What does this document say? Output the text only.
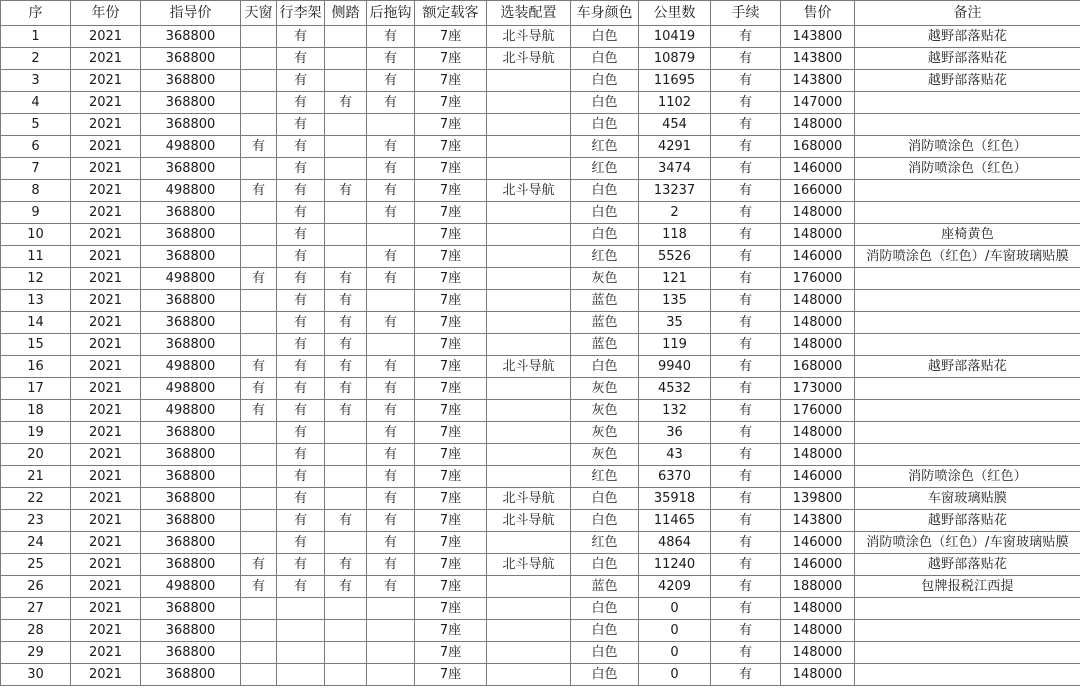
序	年份	指导价	天窗	行李架	侧踏	后拖钩	额定载客	选装配置	车身颜色	公里数	手续	售价	备注
1	2021	368800		有		有	7座	北斗导航	白色	10419	有	143800	越野部落贴花
2	2021	368800		有		有	7座	北斗导航	白色	10879	有	143800	越野部落贴花
3	2021	368800		有		有	7座		白色	11695	有	143800	越野部落贴花
4	2021	368800		有	有	有	7座		白色	1102	有	147000	
5	2021	368800		有			7座		白色	454	有	148000	
6	2021	498800	有	有		有	7座		红色	4291	有	168000	消防喷涂色（红色）
7	2021	368800		有		有	7座		红色	3474	有	146000	消防喷涂色（红色）
8	2021	498800	有	有	有	有	7座	北斗导航	白色	13237	有	166000	
9	2021	368800		有		有	7座		白色	2	有	148000	
10	2021	368800		有			7座		白色	118	有	148000	座椅黄色
11	2021	368800		有		有	7座		红色	5526	有	146000	消防喷涂色（红色）/车窗玻璃贴膜
12	2021	498800	有	有	有	有	7座		灰色	121	有	176000	
13	2021	368800		有	有		7座		蓝色	135	有	148000	
14	2021	368800		有	有	有	7座		蓝色	35	有	148000	
15	2021	368800		有	有		7座		蓝色	119	有	148000	
16	2021	498800	有	有	有	有	7座	北斗导航	白色	9940	有	168000	越野部落贴花
17	2021	498800	有	有	有	有	7座		灰色	4532	有	173000	
18	2021	498800	有	有	有	有	7座		灰色	132	有	176000	
19	2021	368800		有		有	7座		灰色	36	有	148000	
20	2021	368800		有		有	7座		灰色	43	有	148000	
21	2021	368800		有		有	7座		红色	6370	有	146000	消防喷涂色（红色）
22	2021	368800		有		有	7座	北斗导航	白色	35918	有	139800	车窗玻璃贴膜
23	2021	368800		有	有	有	7座	北斗导航	白色	11465	有	143800	越野部落贴花
24	2021	368800		有		有	7座		红色	4864	有	146000	消防喷涂色（红色）/车窗玻璃贴膜
25	2021	368800	有	有	有	有	7座	北斗导航	白色	11240	有	146000	越野部落贴花
26	2021	498800	有	有	有	有	7座		蓝色	4209	有	188000	包牌报税江西提
27	2021	368800					7座		白色	0	有	148000	
28	2021	368800					7座		白色	0	有	148000	
29	2021	368800					7座		白色	0	有	148000	
30	2021	368800					7座		白色	0	有	148000	
